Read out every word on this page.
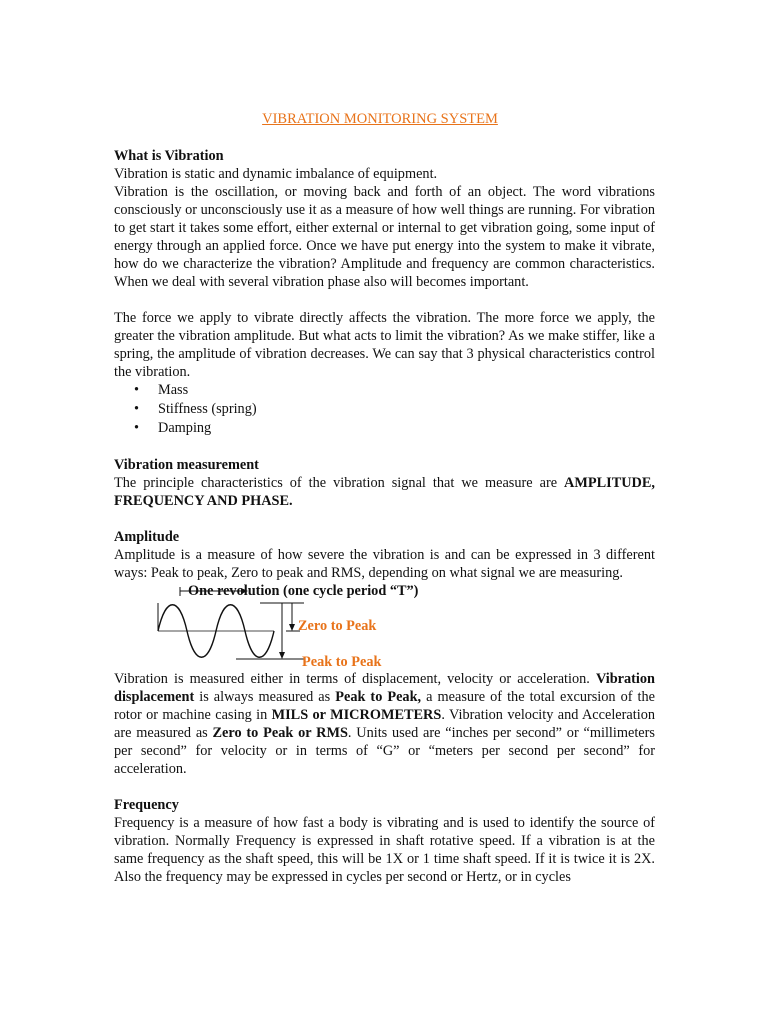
VIBRATION MONITORING SYSTEM
What is Vibration

Vibration is static and dynamic imbalance of equipment.

Vibration is the oscillation, or moving back and forth of an object. The word vibrations consciously or unconsciously use it as a measure of how well things are running. For vibration to get start it takes some effort, either external or internal to get vibration going, some input of energy through an applied force. Once we have put energy into the system to make it vibrate, how do we characterize the vibration? Amplitude and frequency are common characteristics. When we deal with several vibration phase also will becomes important.

The force we apply to vibrate directly affects the vibration. The more force we apply, the greater the vibration amplitude. But what acts to limit the vibration? As we make stiffer, like a spring, the amplitude of vibration decreases. We can say that 3 physical characteristics control the vibration.

• Mass
• Stiffness (spring)
• Damping
Vibration measurement

The principle characteristics of the vibration signal that we measure are AMPLITUDE, FREQUENCY AND PHASE.

Amplitude

Amplitude is a measure of how severe the vibration is and can be expressed in 3 different ways: Peak to peak, Zero to peak and RMS, depending on what signal we are measuring.

One revolution (one cycle period “T”)
Zero to Peak
Peak to Peak

Vibration is measured either in terms of displacement, velocity or acceleration. Vibration displacement is always measured as Peak to Peak, a measure of the total excursion of the rotor or machine casing in MILS or MICROMETERS. Vibration velocity and Acceleration are measured as Zero to Peak or RMS. Units used are “inches per second” or “millimeters per second” for velocity or in terms of “G” or “meters per second per second” for acceleration.

Frequency

Frequency is a measure of how fast a body is vibrating and is used to identify the source of vibration. Normally Frequency is expressed in shaft rotative speed. If a vibration is at the same frequency as the shaft speed, this will be 1X or 1 time shaft speed. If it is twice it is 2X. Also the frequency may be expressed in cycles per second or Hertz, or in cycles
